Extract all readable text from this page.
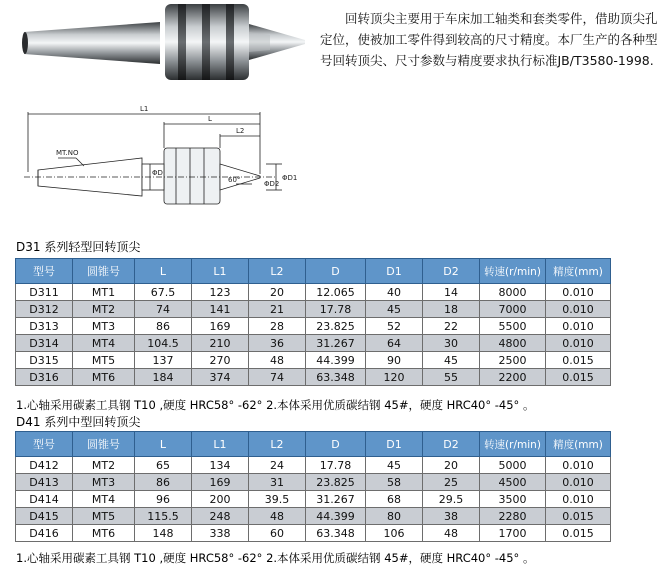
回转顶尖主要用于车床加工轴类和套类零件，借助顶尖孔定位，使被加工零件得到较高的尺寸精度。本厂生产的各种型号回转顶尖、尺寸参数与精度要求执行标准JB/T3580-1998.

L1
L
L2
MT.NO
ΦD
60°	ΦD2
ΦD1
D31 系列轻型回转顶尖
型号	圆锥号	L	L1	L2	D	D1	D2	转速(r/min)	精度(mm)
D311	MT1	67.5	123	20	12.065	40	14	8000	0.010
D312	MT2	74	141	21	17.78	45	18	7000	0.010
D313	MT3	86	169	28	23.825	52	22	5500	0.010
D314	MT4	104.5	210	36	31.267	64	30	4800	0.010
D315	MT5	137	270	48	44.399	90	45	2500	0.015
D316	MT6	184	374	74	63.348	120	55	2200	0.015
1.心轴采用碳素工具钢 T10 ,硬度 HRC58° -62° 2.本体采用优质碳结钢 45#，硬度 HRC40° -45° 。
D41 系列中型回转顶尖
型号	圆锥号	L	L1	L2	D	D1	D2	转速(r/min)	精度(mm)
D412	MT2	65	134	24	17.78	45	20	5000	0.010
D413	MT3	86	169	31	23.825	58	25	4500	0.010
D414	MT4	96	200	39.5	31.267	68	29.5	3500	0.010
D415	MT5	115.5	248	48	44.399	80	38	2280	0.015
D416	MT6	148	338	60	63.348	106	48	1700	0.015
1.心轴采用碳素工具钢 T10 ,硬度 HRC58° -62° 2.本体采用优质碳结钢 45#，硬度 HRC40° -45° 。
